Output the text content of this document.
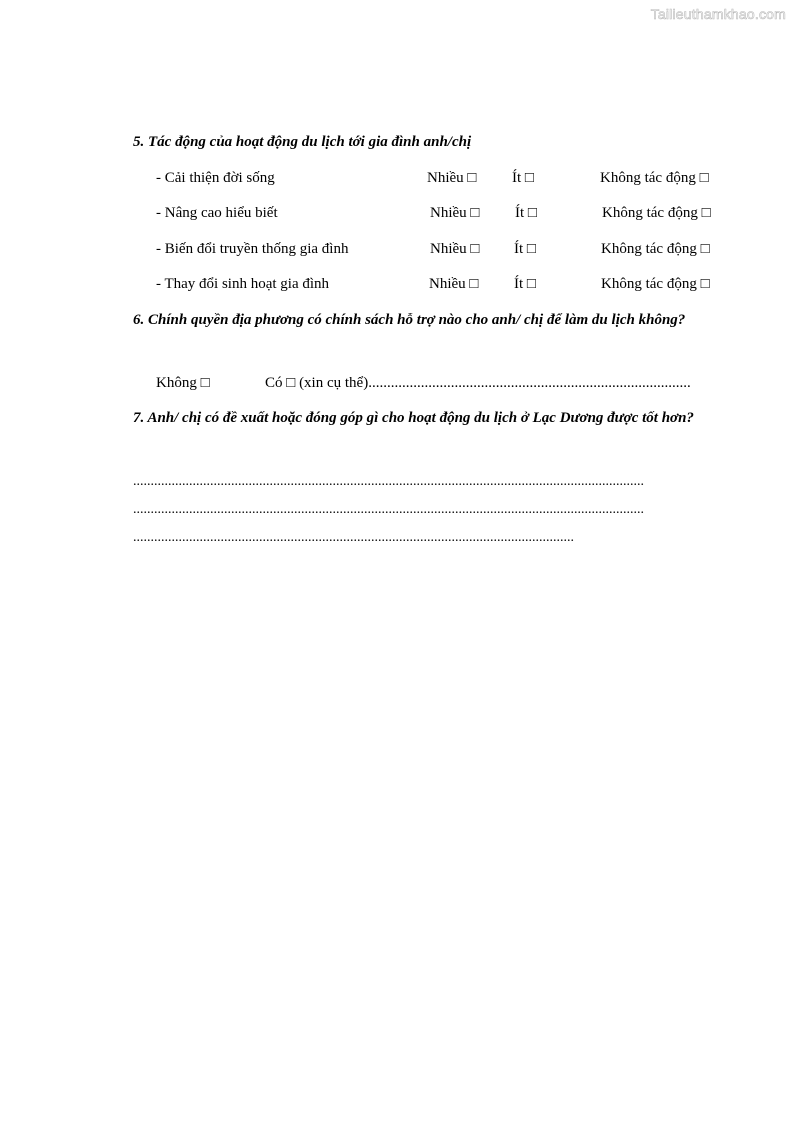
Tailieuthamkhao.com
5. Tác động của hoạt động du lịch tới gia đình anh/chị
- Cải thiện đời sống	Nhiều □ Ít □	Không tác động □
- Nâng cao hiểu biết	Nhiều □ Ít □	Không tác động □
- Biến đổi truyền thống gia đình	Nhiều □ Ít □	Không tác động □
- Thay đổi sinh hoạt gia đình	Nhiều □ Ít □	Không tác động □
6. Chính quyền địa phương có chính sách hỗ trợ nào cho anh/ chị để làm du lịch không?
Không □	Có □ (xin cụ thể)......................................................................................
7. Anh/ chị có đề xuất hoặc đóng góp gì cho hoạt động du lịch ở Lạc Dương được tốt hơn?
..................................................................................................................................................
..................................................................................................................................................
..............................................................................................................................
